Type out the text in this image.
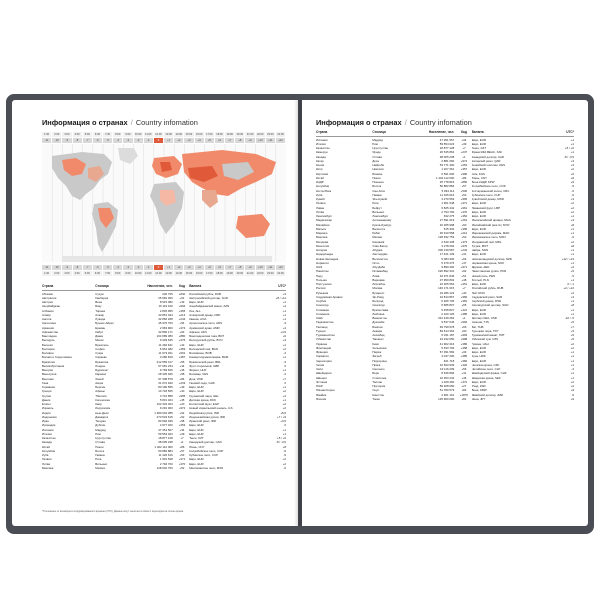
Информация о странах / Country infomation
1:00	2:00	3:00	4:00	5:00	6:00	7:00	8:00	9:00	10:00	11:00	12:00	13:00	14:00	15:00	16:00	17:00	18:00	19:00	20:00	21:00	22:00	23:00	24:00
-11	-10	-9	-8	-7	-6	-5	-4	-3	-2	-1	0	+1	+2	+3	+4	+5	+6	+7	+8	+9	+10	+11	+12
-11	-10	-9	-8	-7	-6	-5	-4	-3	-2	-1	0	+1	+2	+3	+4	+5	+6	+7	+8	+9	+10	+11	+12
1:00	2:00	3:00	4:00	5:00	6:00	7:00	8:00	9:00	10:00	11:00	12:00	13:00	14:00	15:00	16:00	17:00	18:00	19:00	20:00	21:00	22:00	23:00	24:00
Страна	Столица	Население, чел.	Код	Валюта	UTC*
Абхазия	Сухум	240 705	+840	Российский рубль, RUB	+3
Австралия	Канберра	25 681 300	+61	Австралийский доллар, AUD	+8 / +11
Австрия	Вена	8 915 382	+43	Евро, EUR	+1
Азербайджан	Баку	10 119 100	+994	Азербайджанский манат, AZN	+4
Албания	Тирана	2 845 955	+355	Лек, ALL	+1
Алжир	Алжир	43 851 044	+213	Алжирский динар, DZD	+1
Ангола	Луанда	32 866 268	+244	Кванза, AOA	+1
Аргентина	Буэнос-Айрес	45 376 763	+54	Аргентинское песо, ARS	-3
Армения	Ереван	2 963 900	+374	Армянский драм, AMD	+4
Афганистан	Кабул	32 890 171	+93	Афгани, AFN	+4,5
Бангладеш	Дакка	164 689 383	+880	Бангладешская така, BDT	+6
Беларусь	Минск	9 349 645	+375	Белорусский рубль, BYN	+3
Бельгия	Брюссель	11 492 641	+32	Евро, EUR	+1
Болгария	София	6 951 482	+359	Болгарский лев, BGN	+2
Боливия	Сукре	11 673 021	+591	Боливиано, BOB	-4
Босния и Герцеговина	Сараево	3 280 819	+387	Конвертируемая марка, BAM	+1
Бразилия	Бразилиа	212 559 417	+55	Бразильский реал, BRL	-3
Великобритания	Лондон	67 081 234	+44	Фунт стерлингов, GBP	0
Венгрия	Будапешт	9 769 526	+36	Форинт, HUF	+1
Венесуэла	Каракас	28 435 940	+58	Боливар, VES	-4
Вьетнам	Ханой	97 338 579	+84	Донг, VND	+7
Гана	Аккра	31 072 940	+233	Ганский седи, GHS	0
Германия	Берлин	83 190 556	+49	Евро, EUR	+1
Греция	Афины	10 718 565	+30	Евро, EUR	+2
Грузия	Тбилиси	3 716 858	+995	Грузинский лари, GEL	+4
Дания	Копенгаген	5 831 404	+45	Датская крона, DKK	+1
Египет	Каир	102 334 404	+20	Египетский фунт, EGP	+2
Израиль	Иерусалим	9 291 000	+972	Новый израильский шекель, ILS	+2
Индия	Нью-Дели	1 380 004 385	+91	Индийская рупия, INR	+5,5
Индонезия	Джакарта	273 523 615	+62	Индонезийская рупия, IDR	+7 / +9
Иран	Тегеран	83 992 949	+98	Иранский риал, IRR	+3,5
Ирландия	Дублин	4 977 400	+353	Евро, EUR	0
Испания	Мадрид	47 351 567	+34	Евро, EUR	+1
Италия	Рим	59 554 023	+39	Евро, EUR	+1
Казахстан	Нур-Султан	18 877 128	+7	Тенге, KZT	+5 / +6
Канада	Оттава	38 005 238	+1	Канадский доллар, CAD	-8 / -3,5
Китай	Пекин	1 402 112 000	+86	Юань, CNY	+8
Колумбия	Богота	50 882 884	+57	Колумбийское песо, COP	-5
Куба	Гавана	11 326 616	+53	Кубинское песо, CUP	-5
Латвия	Рига	1 901 548	+371	Евро, EUR	+2
Литва	Вильнюс	2 794 700	+370	Евро, EUR	+2
Мексика	Мехико	128 932 753	+52	Мексиканское песо, MXN	-6
*Отклонение от всемирного координированного времени (UTC). Данные могут меняться в связи с переходом на летнее время.
Информация о странах / Country infomation
Страна	Столица	Население, чел.	Код	Валюта	UTC*
Испания	Мадрид	47 351 567	+34	Евро, EUR	+1
Италия	Рим	59 554 023	+39	Евро, EUR	+1
Казахстан	Нур-Султан	18 877 128	+7	Тенге, KZT	+5 / +6
Камерун	Яунде	26 545 864	+237	Франк КФА BEAC, XAF	+1
Канада	Оттава	38 005 238	+1	Канадский доллар, CAD	-8 / -3,5
Катар	Доха	2 881 060	+974	Катарский риал, QAR	+3
Кения	Найроби	53 771 300	+254	Кенийский шиллинг, KES	+3
Кипр	Никосия	1 207 361	+357	Евро, EUR	+2
Киргизия	Бишкек	6 591 600	+996	Сом, KGS	+6
Китай	Пекин	1 402 112 000	+86	Юань, CNY	+8
КНДР	Пхеньян	25 778 815	+850	Вона КНДР, KPW	+9
Колумбия	Богота	50 882 884	+57	Колумбийское песо, COP	-5
Коста-Рика	Сан-Хосе	5 094 114	+506	Костариканский колон, CRC	-6
Куба	Гавана	11 326 616	+53	Кубинское песо, CUP	-5
Кувейт	Эль-Кувейт	4 270 563	+965	Кувейтский динар, KWD	+3
Латвия	Рига	1 901 548	+371	Евро, EUR	+2
Ливан	Бейрут	6 825 442	+961	Ливанский фунт, LBP	+2
Литва	Вильнюс	2 794 700	+370	Евро, EUR	+2
Люксембург	Люксембург	632 275	+352	Евро, EUR	+1
Мадагаскар	Антананариву	27 691 019	+261	Малагасийский ариари, MGA	+3
Малайзия	Куала-Лумпур	32 365 998	+60	Малайзийский ринггит, MYR	+8
Мальта	Валлетта	515 332	+356	Евро, EUR	+1
Марокко	Рабат	36 910 558	+212	Марокканский дирхам, MAD	+1
Мексика	Мехико	128 932 753	+52	Мексиканское песо, MXN	-6
Молдова	Кишинёв	2 640 438	+373	Молдавский лей, MDL	+2
Монголия	Улан-Батор	3 278 292	+976	Тугрик, MNT	+8
Нигерия	Абуджа	206 139 587	+234	Найра, NGN	+1
Нидерланды	Амстердам	17 441 139	+31	Евро, EUR	+1
Новая Зеландия	Веллингтон	5 084 300	+64	Новозеландский доллар, NZD	+12 / +13
Норвегия	Осло	5 379 475	+47	Норвежская крона, NOK	+1
ОАЭ	Абу-Даби	9 890 400	+971	Дирхам, AED	+4
Пакистан	Исламабад	220 892 331	+92	Пакистанская рупия, PKR	+5
Перу	Лима	32 971 846	+51	Новый соль, PEN	-5
Польша	Варшава	37 950 802	+48	Злотый, PLN	+1
Португалия	Лиссабон	10 305 564	+351	Евро, EUR	0 / -1
Россия	Москва	146 171 015	+7	Российский рубль, RUB	+2 / +12
Румыния	Бухарест	19 286 123	+40	Лей, RON	+2
Саудовская Аравия	Эр-Рияд	34 813 867	+966	Саудовский риял, SAR	+3
Сербия	Белград	6 926 705	+381	Сербский динар, RSD	+1
Сингапур	Сингапур	5 685 807	+65	Сингапурский доллар, SGD	+8
Словакия	Братислава	5 458 827	+421	Евро, EUR	+1
Словения	Любляна	2 100 126	+386	Евро, EUR	+1
США	Вашингтон	331 449 281	+1	Доллар США, USD	-10 / -5
Таджикистан	Душанбе	9 537 645	+992	Сомони, TJS	+5
Таиланд	Бангкок	69 799 978	+66	Бат, THB	+7
Турция	Анкара	83 614 362	+90	Турецкая лира, TRY	+3
Туркменистан	Ашхабад	6 031 187	+993	Туркменский манат, TMT	+5
Узбекистан	Ташкент	34 232 050	+998	Узбекский сум, UZS	+5
Украина	Киев	41 902 416	+380	Гривна, UAH	+2
Финляндия	Хельсинки	5 533 793	+358	Евро, EUR	+2
Франция	Париж	67 391 582	+33	Евро, EUR	+1
Хорватия	Загреб	4 047 200	+385	Куна, HRK	+1
Черногория	Подгорица	621 718	+382	Евро, EUR	+1
Чехия	Прага	10 693 939	+420	Чешская крона, CZK	+1
Чили	Сантьяго	19 116 209	+56	Чилийское песо, CLP	-4
Швейцария	Берн	8 636 896	+41	Швейцарский франк, CHF	+1
Швеция	Стокгольм	10 353 442	+46	Шведская крона, SEK	+1
Эстония	Таллин	1 329 460	+372	Евро, EUR	+2
ЮАР	Претория	59 308 690	+27	Рэнд, ZAR	+2
Южная Корея	Сеул	51 780 579	+82	Вона, KRW	+9
Ямайка	Кингстон	2 961 161	+1876	Ямайский доллар, JMD	-5
Япония	Токио	125 960 000	+81	Иена, JPY	+9
